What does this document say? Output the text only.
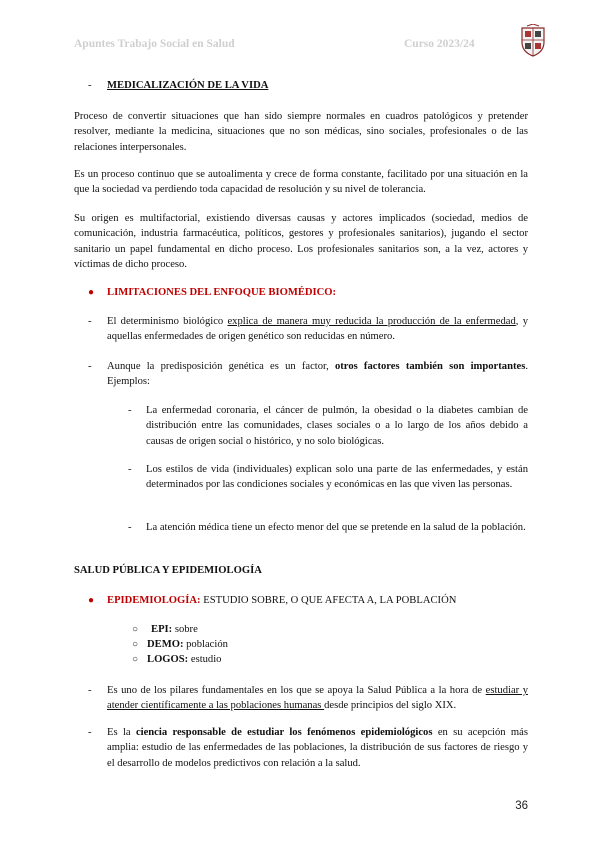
Apuntes Trabajo Social en Salud	Curso 2023/24
- MEDICALIZACIÓN DE LA VIDA

Proceso de convertir situaciones que han sido siempre normales en cuadros patológicos y pretender resolver, mediante la medicina, situaciones que no son médicas, sino sociales, profesionales o de las relaciones interpersonales.

Es un proceso continuo que se autoalimenta y crece de forma constante, facilitado por una situación en la que la sociedad va perdiendo toda capacidad de resolución y su nivel de tolerancia.

Su origen es multifactorial, existiendo diversas causas y actores implicados (sociedad, medios de comunicación, industria farmacéutica, políticos, gestores y profesionales sanitarios), jugando el sector sanitario un papel fundamental en dicho proceso. Los profesionales sanitarios son, a la vez, actores y víctimas de dicho proceso.

● LIMITACIONES DEL ENFOQUE BIOMÉDICO:
- El determinismo biológico explica de manera muy reducida la producción de la enfermedad, y aquellas enfermedades de origen genético son reducidas en número.

- Aunque la predisposición genética es un factor, otros factores también son importantes. Ejemplos:

- La enfermedad coronaria, el cáncer de pulmón, la obesidad o la diabetes cambian de distribución entre las comunidades, clases sociales o a lo largo de los años debido a causas de origen social o histórico, y no solo biológicas.

- Los estilos de vida (individuales) explican solo una parte de las enfermedades, y están determinados por las condiciones sociales y económicas en las que viven las personas.

- La atención médica tiene un efecto menor del que se pretende en la salud de la población.

SALUD PÚBLICA Y EPIDEMIOLOGÍA
● EPIDEMIOLOGÍA: ESTUDIO SOBRE, O QUE AFECTA A, LA POBLACIÓN
○ EPI: sobre
○ DEMO: población
○ LOGOS: estudio
- Es uno de los pilares fundamentales en los que se apoya la Salud Pública a la hora de estudiar y atender científicamente a las poblaciones humanas desde principios del siglo XIX.

- Es la ciencia responsable de estudiar los fenómenos epidemiológicos en su acepción más amplia: estudio de las enfermedades de las poblaciones, la distribución de sus factores de riesgo y el desarrollo de modelos predictivos con relación a la salud.

36
